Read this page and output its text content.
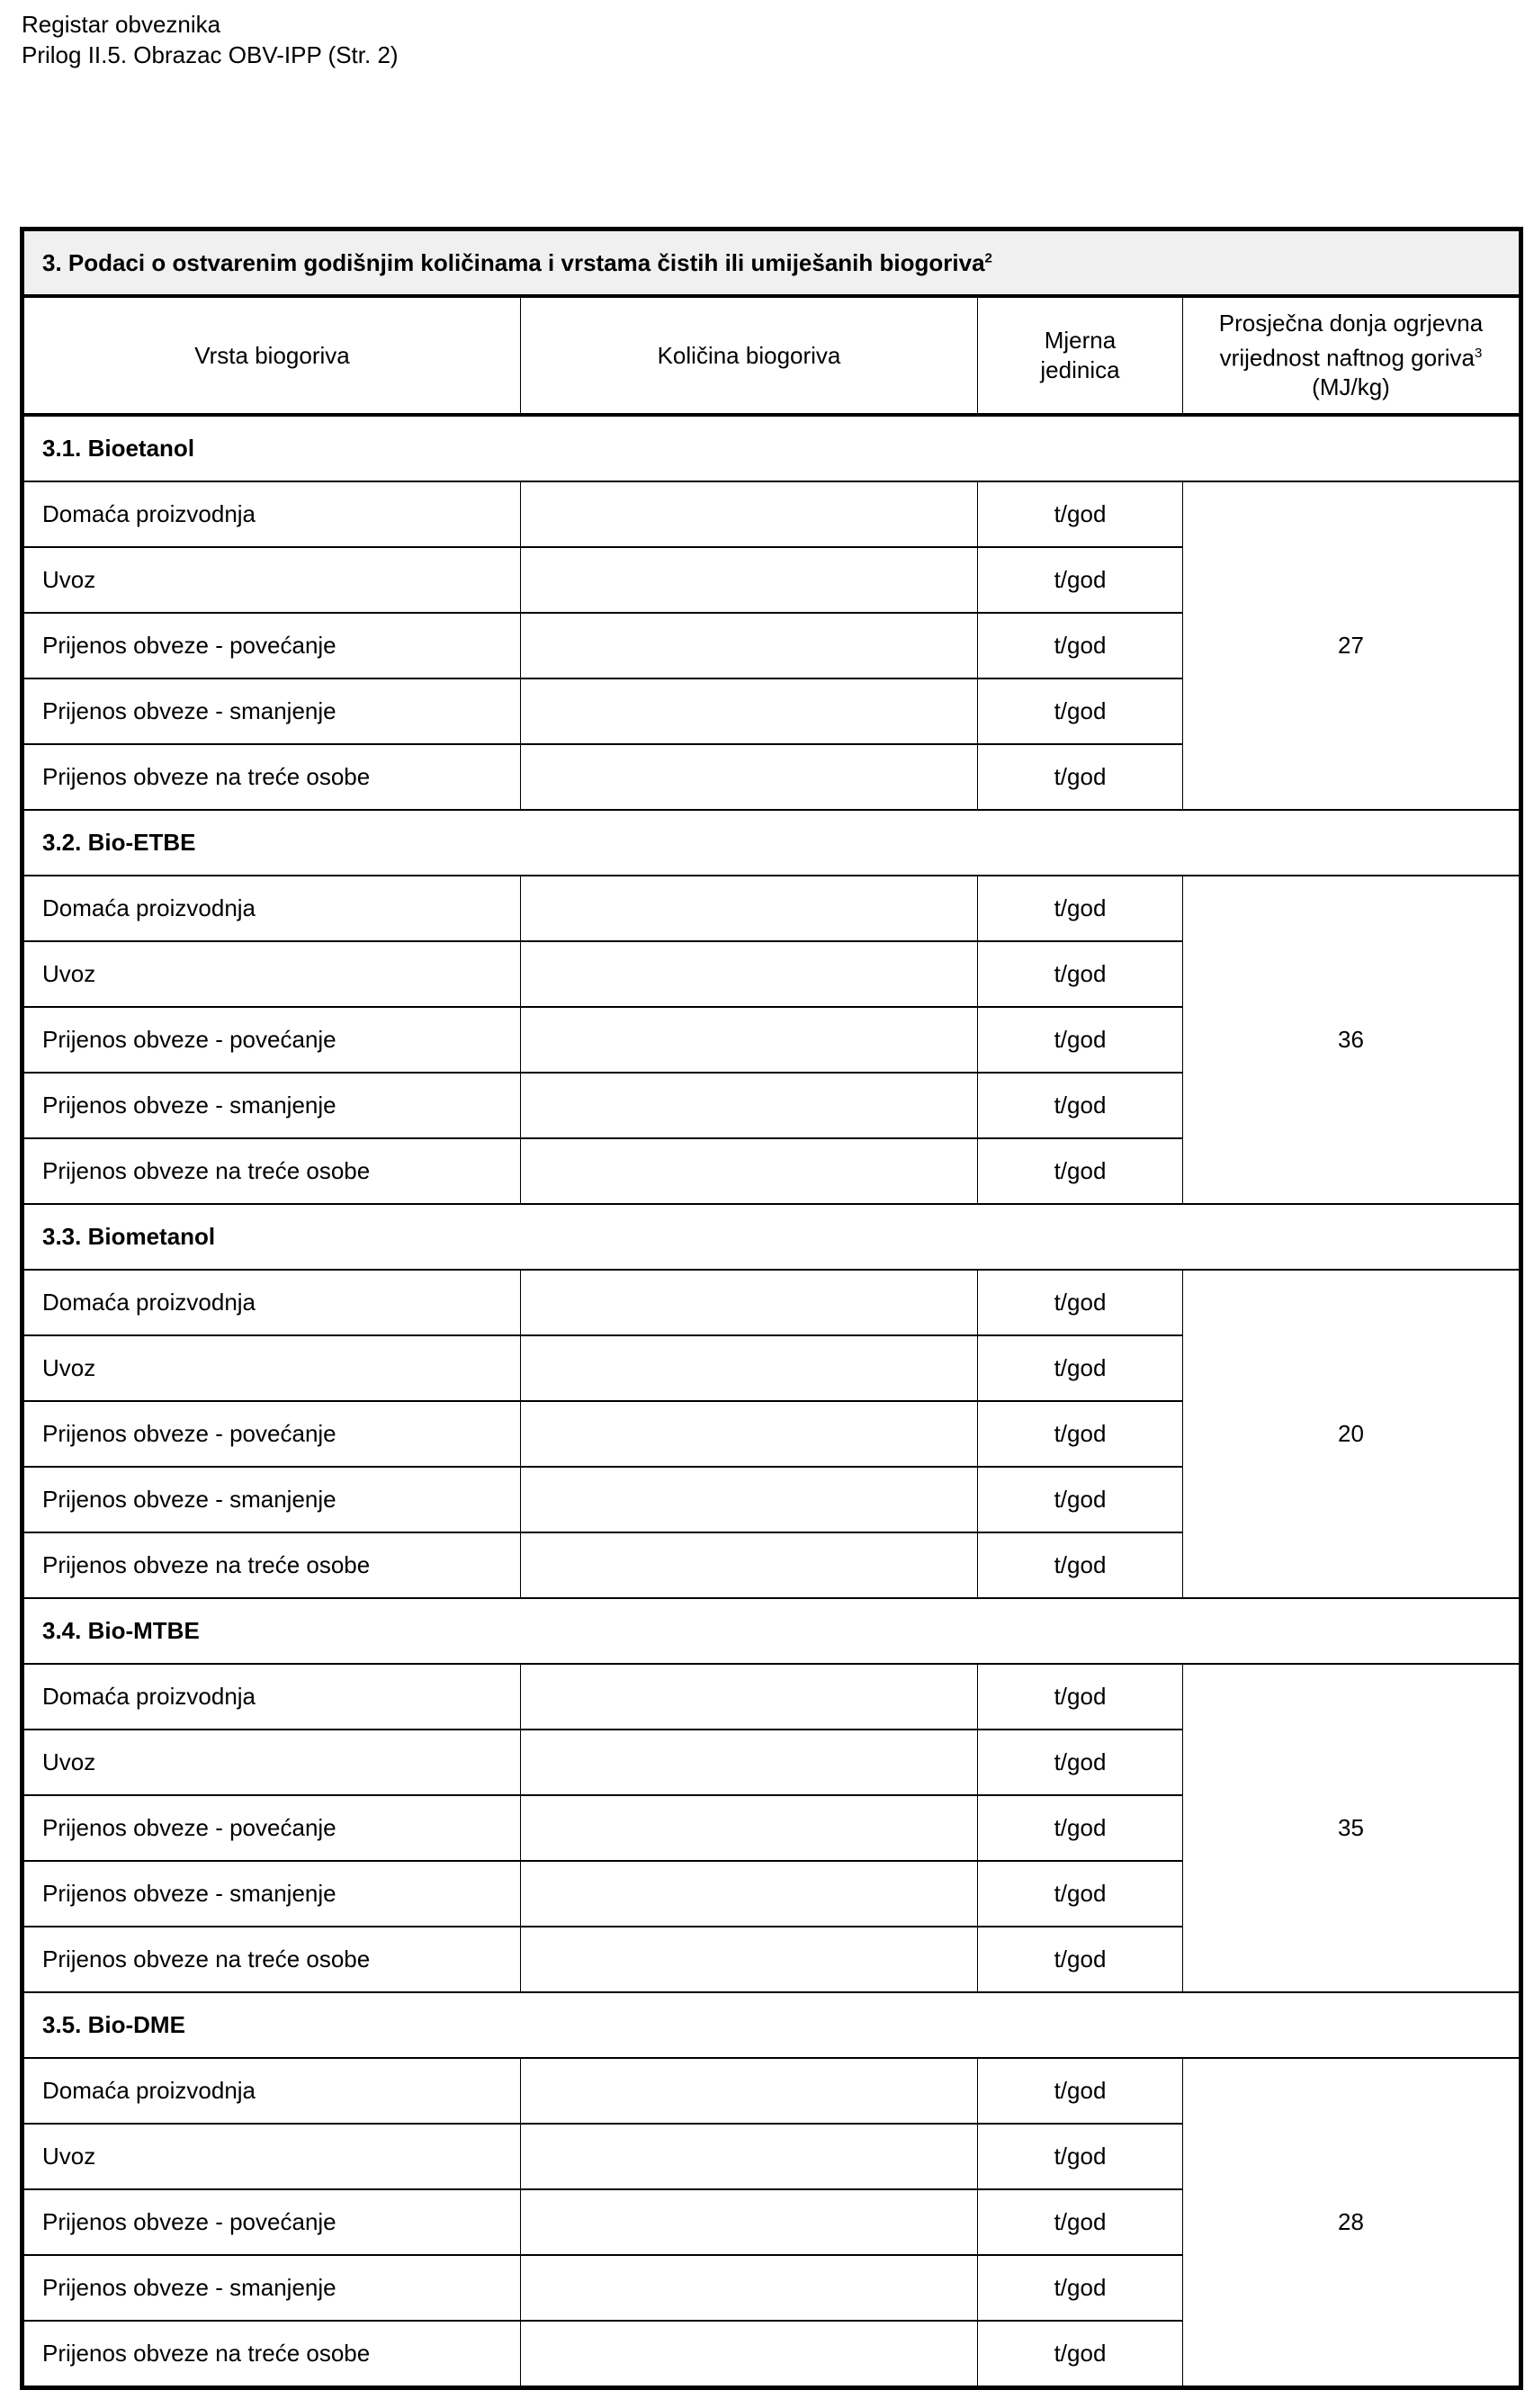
Registar obveznika
Prilog II.5. Obrazac OBV-IPP (Str. 2)
3. Podaci o ostvarenim godišnjim količinama i vrstama čistih ili umiješanih biogoriva$^2$
Vrsta biogoriva	Količina biogoriva	Mjerna jedinica	Prosječna donja ogrjevna
vrijednost naftnog goriva$^3$
(MJ/kg)

3.1. Bioetanol			
Domaća proizvodnja		t/god	27
Uvoz		t/god	
Prijenos obveze - povećanje		t/god	
Prijenos obveze - smanjenje		t/god	
Prijenos obveze na treće osobe		t/god	
3.2. Bio-ETBE			
Domaća proizvodnja		t/god	36
Uvoz		t/god	
Prijenos obveze - povećanje		t/god	
Prijenos obveze - smanjenje		t/god	
Prijenos obveze na treće osobe		t/god	
3.3. Biometanol			
Domaća proizvodnja		t/god	20
Uvoz		t/god	
Prijenos obveze - povećanje		t/god	
Prijenos obveze - smanjenje		t/god	
Prijenos obveze na treće osobe		t/god	
3.4. Bio-MTBE			
Domaća proizvodnja		t/god	35
Uvoz		t/god	
Prijenos obveze - povećanje		t/god	
Prijenos obveze - smanjenje		t/god	
Prijenos obveze na treće osobe		t/god	
3.5. Bio-DME			
Domaća proizvodnja		t/god	28
Uvoz		t/god	
Prijenos obveze - povećanje		t/god	
Prijenos obveze - smanjenje		t/god	
Prijenos obveze na treće osobe		t/god	
